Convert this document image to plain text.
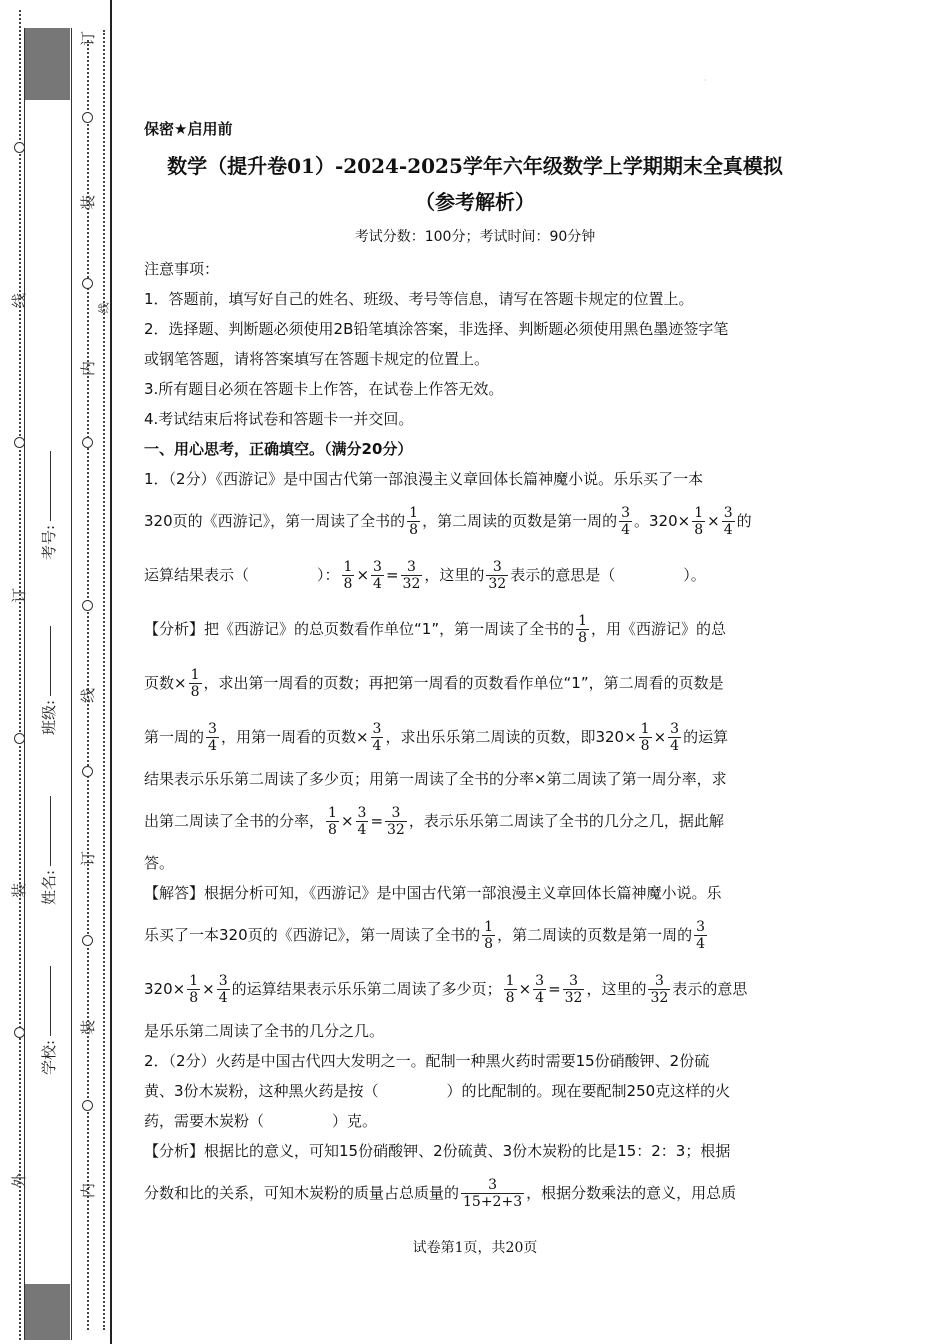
订
装
内
线
订
装
内
线
订
装
外
线
考号:
班级:
姓名:
学校:
·

保密★启用前

数学（提升卷01）-2024-2025学年六年级数学上学期期末全真模拟

（参考解析）

考试分数：100分；考试时间：90分钟

注意事项：

1．答题前，填写好自己的姓名、班级、考号等信息，请写在答题卡规定的位置上。

2．选择题、判断题必须使用2B铅笔填涂答案，非选择、判断题必须使用黑色墨迹签字笔

或钢笔答题，请将答案填写在答题卡规定的位置上。

3.所有题目必须在答题卡上作答，在试卷上作答无效。

4.考试结束后将试卷和答题卡一并交回。

一、用心思考，正确填空。（满分20分）

1．（2分）《西游记》是中国古代第一部浪漫主义章回体长篇神魔小说。乐乐买了一本

320页的《西游记》，第一周读了全书的 $\frac{1}{8}$ ，第二周读的页数是第一周的 $\frac{3}{4}$ 。$320\times \frac{1}{8} \times \frac{3}{4}$ 的

运算结果表示（	）： $\frac{1}{8} \times \frac{3}{4} = \frac{3}{32}$ ，这里的 $\frac{3}{32}$ 表示的意思是（	）。

【分析】把《西游记》的总页数看作单位“1”，第一周读了全书的 $\frac{1}{8}$ ，用《西游记》的总

页数× $\frac{1}{8}$ ，求出第一周看的页数；再把第一周看的页数看作单位“1”，第二周看的页数是

第一周的 $\frac{3}{4}$ ，用第一周看的页数× $\frac{3}{4}$ ，求出乐乐第二周读的页数，即$320\times \frac{1}{8} \times \frac{3}{4}$ 的运算

结果表示乐乐第二周读了多少页；用第一周读了全书的分率×第二周读了第一周分率，求

出第二周读了全书的分率， $\frac{1}{8} \times \frac{3}{4} = \frac{3}{32}$ ，表示乐乐第二周读了全书的几分之几，据此解

答。

【解答】根据分析可知，《西游记》是中国古代第一部浪漫主义章回体长篇神魔小说。乐

乐买了一本320页的《西游记》，第一周读了全书的 $\frac{1}{8}$ ，第二周读的页数是第一周的 $\frac{3}{4}$

$320\times \frac{1}{8} \times \frac{3}{4}$ 的运算结果表示乐乐第二周读了多少页； $\frac{1}{8} \times \frac{3}{4} = \frac{3}{32}$ ，这里的 $\frac{3}{32}$ 表示的意思

是乐乐第二周读了全书的几分之几。

2．（2分）火药是中国古代四大发明之一。配制一种黑火药时需要15份硝酸钾、2份硫

黄、3份木炭粉，这种黑火药是按（	）的比配制的。现在要配制250克这样的火

药，需要木炭粉（	）克。

【分析】根据比的意义，可知15份硝酸钾、2份硫黄、3份木炭粉的比是15：2：3；根据

分数和比的关系，可知木炭粉的质量占总质量的 $\frac{3}{15+2+3}$ ，根据分数乘法的意义，用总质

试卷第1页，共20页
